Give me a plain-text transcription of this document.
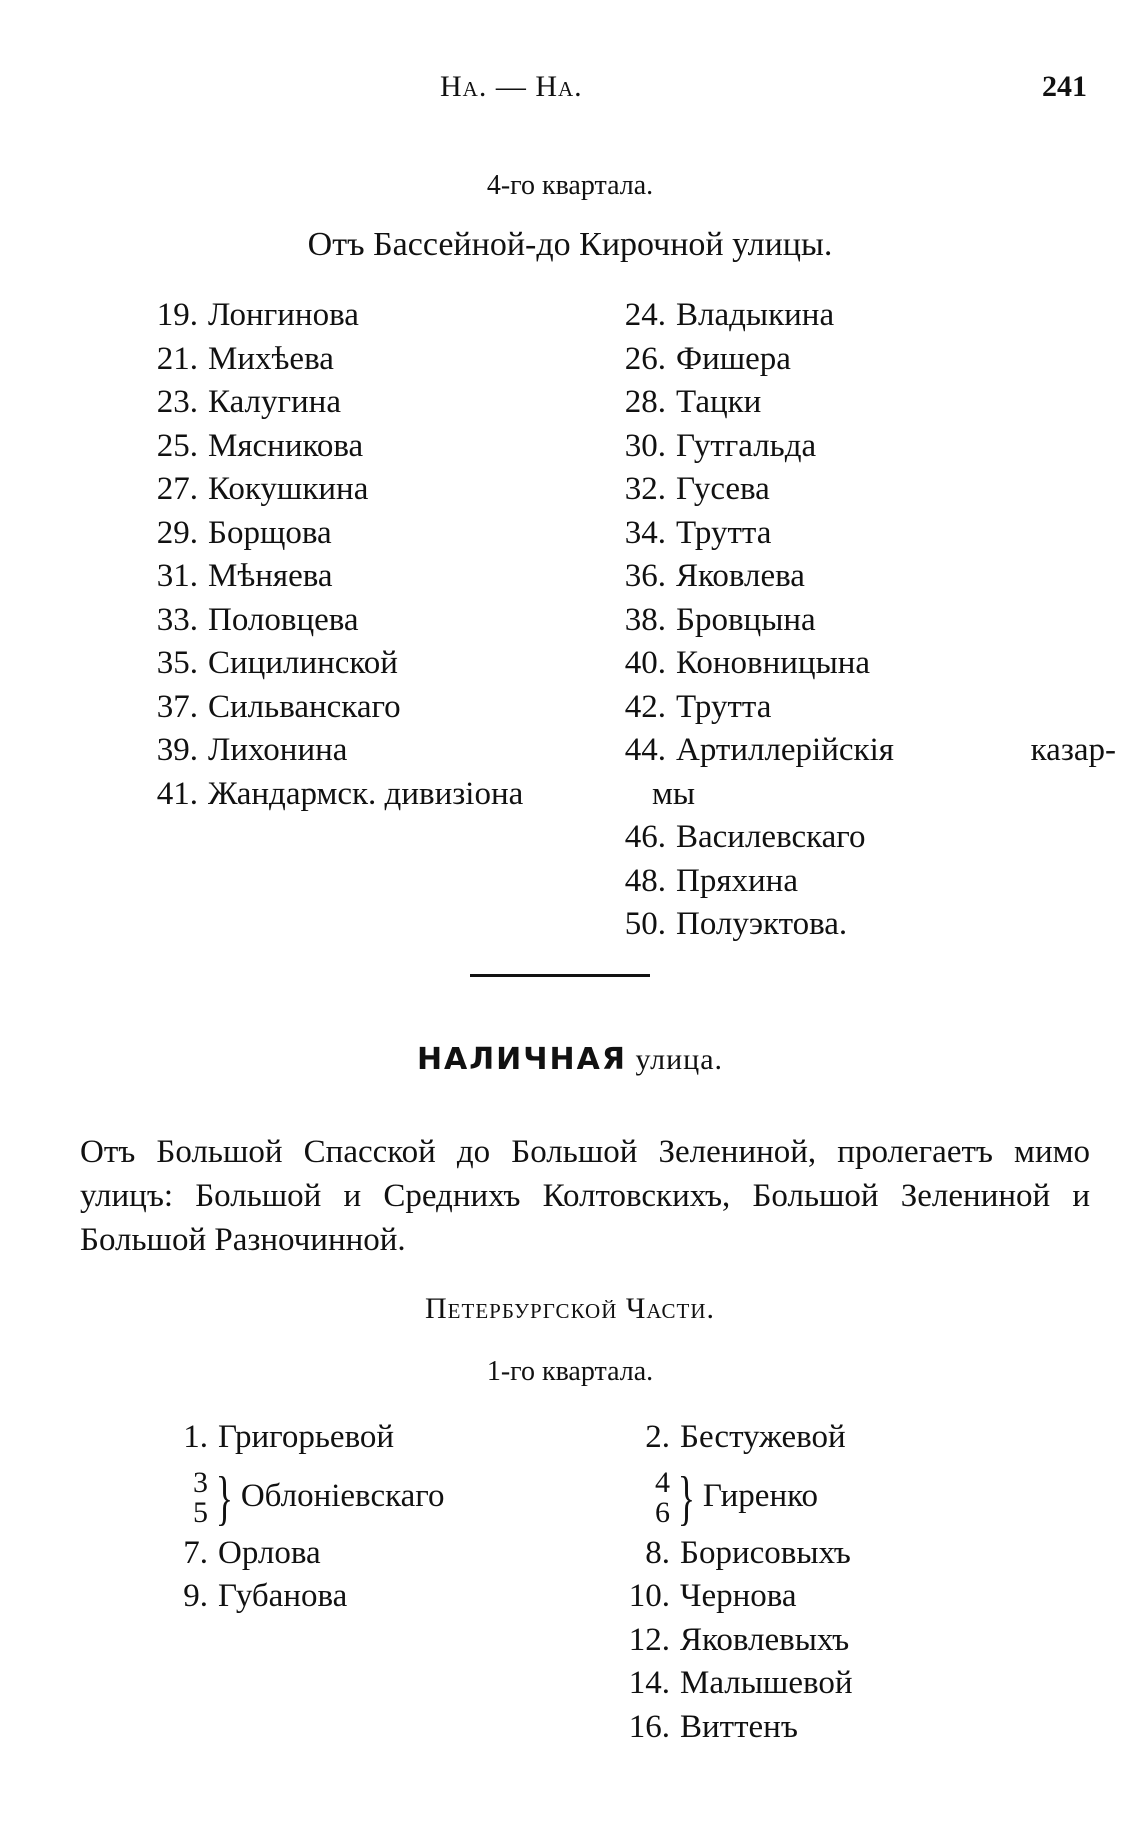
На. — На.	241
4-го квартала.
Отъ Бассейной-до Кирочной улицы.
19. Лонгинова
21. Михѣева
23. Калугина
25. Мясникова
27. Кокушкина
29. Борщова
31. Мѣняева
33. Половцева
35. Сицилинской
37. Сильванскаго
39. Лихонина
41. Жандармск. дивизіона
24. Владыкина
26. Фишера
28. Тацки
30. Гутгальда
32. Гусева
34. Трутта
36. Яковлева
38. Бровцына
40. Коновницына
42. Трутта
44. Артиллерійскія	казар-
мы
46. Василевскаго
48. Пряхина
50. Полуэктова.
НАЛИЧНАЯ улица.
Отъ Большой Спасской до Большой Зелениной, пролегаетъ мимо улицъ: Большой и Среднихъ Колтовскихъ, Большой Зелениной и Большой Разночинной.
Петербургской Части.
1-го квартала.
1. Григорьевой
3
5 } Облоніевскаго
7. Орлова
9. Губанова
2. Бестужевой
4
6 } Гиренко
8. Борисовыхъ
10. Чернова
12. Яковлевыхъ
14. Малышевой
16. Виттенъ
